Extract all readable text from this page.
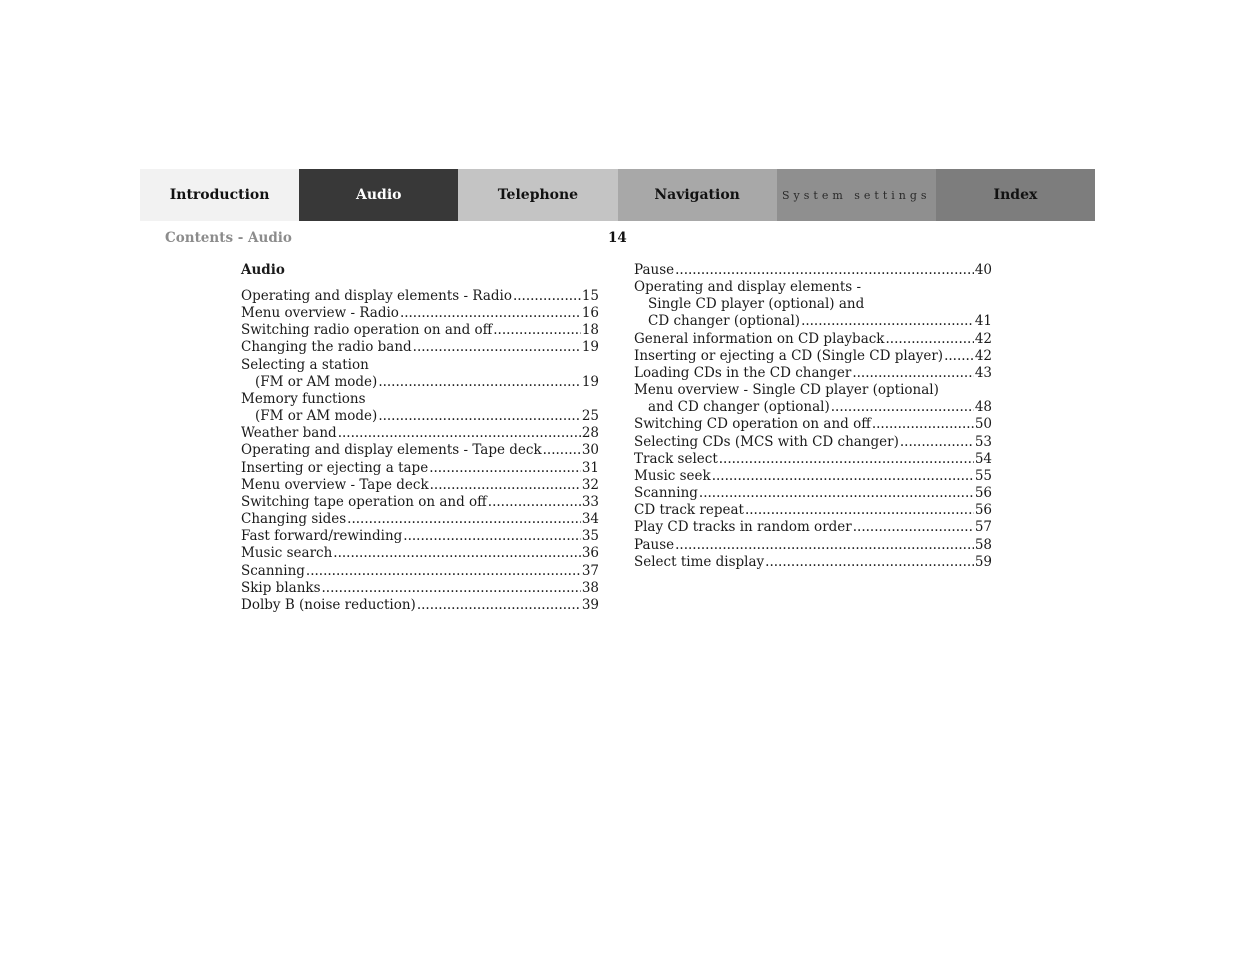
Introduction	Audio	Telephone	Navigation	System settings	Index
Contents - Audio	14
Audio
Operating and display elements - Radio .....	15
Menu overview - Radio .....	16
Switching radio operation on and off .....	18
Changing the radio band .....	19
Selecting a station
(FM or AM mode) .....	19
Memory functions
(FM or AM mode) .....	25
Weather band .....	28
Operating and display elements - Tape deck .....	30
Inserting or ejecting a tape .....	31
Menu overview - Tape deck .....	32
Switching tape operation on and off .....	33
Changing sides .....	34
Fast forward/rewinding .....	35
Music search .....	36
Scanning .....	37
Skip blanks .....	38
Dolby B (noise reduction) .....	39
Pause .....	40
Operating and display elements -
Single CD player (optional) and
CD changer (optional) .....	41
General information on CD playback .....	42
Inserting or ejecting a CD (Single CD player) ..... 42
Loading CDs in the CD changer .....	43
Menu overview - Single CD player (optional)
and CD changer (optional) .....	48
Switching CD operation on and off .....	50
Selecting CDs (MCS with CD changer) .....	53
Track select .....	54
Music seek .....	55
Scanning .....	56
CD track repeat .....	56
Play CD tracks in random order .....	57
Pause .....	58
Select time display .....	59
